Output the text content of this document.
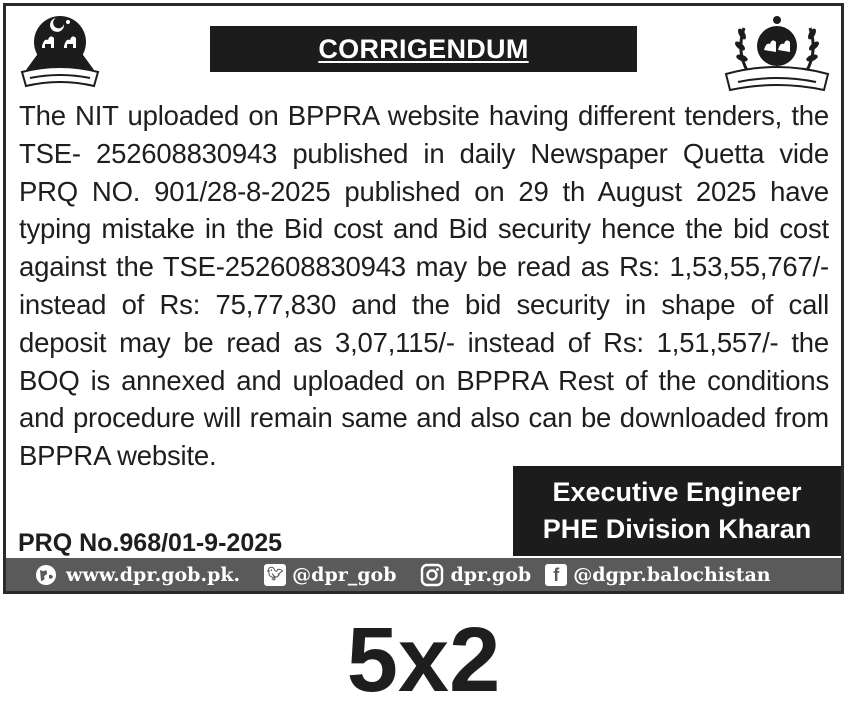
CORRIGENDUM

The NIT uploaded on BPPRA website having different tenders, the TSE- 252608830943 published in daily Newspaper Quetta vide PRQ NO. 901/28-8-2025 published on 29 th August 2025 have typing mistake in the Bid cost and Bid security hence the bid cost against the TSE-252608830943 may be read as Rs: 1,53,55,767/- instead of Rs: 75,77,830 and the bid security in shape of call deposit may be read as 3,07,115/- instead of Rs: 1,51,557/- the BOQ is annexed and uploaded on BPPRA Rest of the conditions and procedure will remain same and also can be downloaded from BPPRA website.

Executive Engineer
PHE Division Kharan
PRQ No.968/01-9-2025
www.dpr.gob.pk. 🐦︎ @dpr_gob	dpr.gob	f @dgpr.balochistan
5x2
